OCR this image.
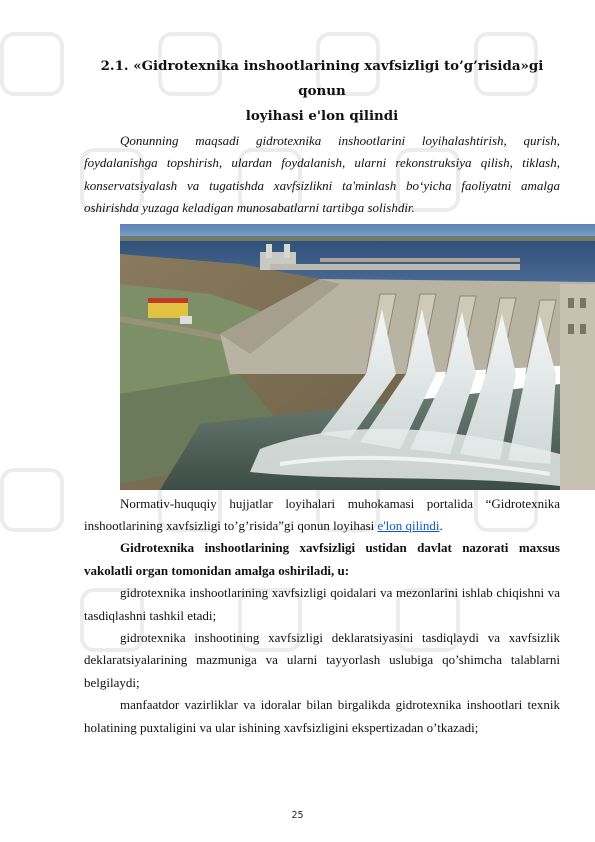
2.1. «Gidrotexnika inshootlarining xavfsizligi to’g’risida»gi qonun
loyihasi e'lon qilindi

Qonunning maqsadi gidrotexnika inshootlarini loyihalashtirish, qurish, foydalanishga topshirish, ulardan foydalanish, ularni rekonstruksiya qilish, tiklash, konservatsiyalash va tugatishda xavfsizlikni ta'minlash bo‘yicha faoliyatni amalga oshirishda yuzaga keladigan munosabatlarni tartibga solishdir.

Normativ-huquqiy hujjatlar loyihalari muhokamasi portalida “Gidrotexnika inshootlarining xavfsizligi to’g’risida”gi qonun loyihasi e'lon qilindi.

Gidrotexnika inshootlarining xavfsizligi ustidan davlat nazorati maxsus vakolatli organ tomonidan amalga oshiriladi, u:

gidrotexnika inshootlarining xavfsizligi qoidalari va mezonlarini ishlab chiqishni va tasdiqlashni tashkil etadi;

gidrotexnika inshootining xavfsizligi deklaratsiyasini tasdiqlaydi va xavfsizlik deklaratsiyalarining mazmuniga va ularni tayyorlash uslubiga qo’shimcha talablarni belgilaydi;

manfaatdor vazirliklar va idoralar bilan birgalikda gidrotexnika inshootlari texnik holatining puxtaligini va ular ishining xavfsizligini ekspertizadan o’tkazadi;

25
